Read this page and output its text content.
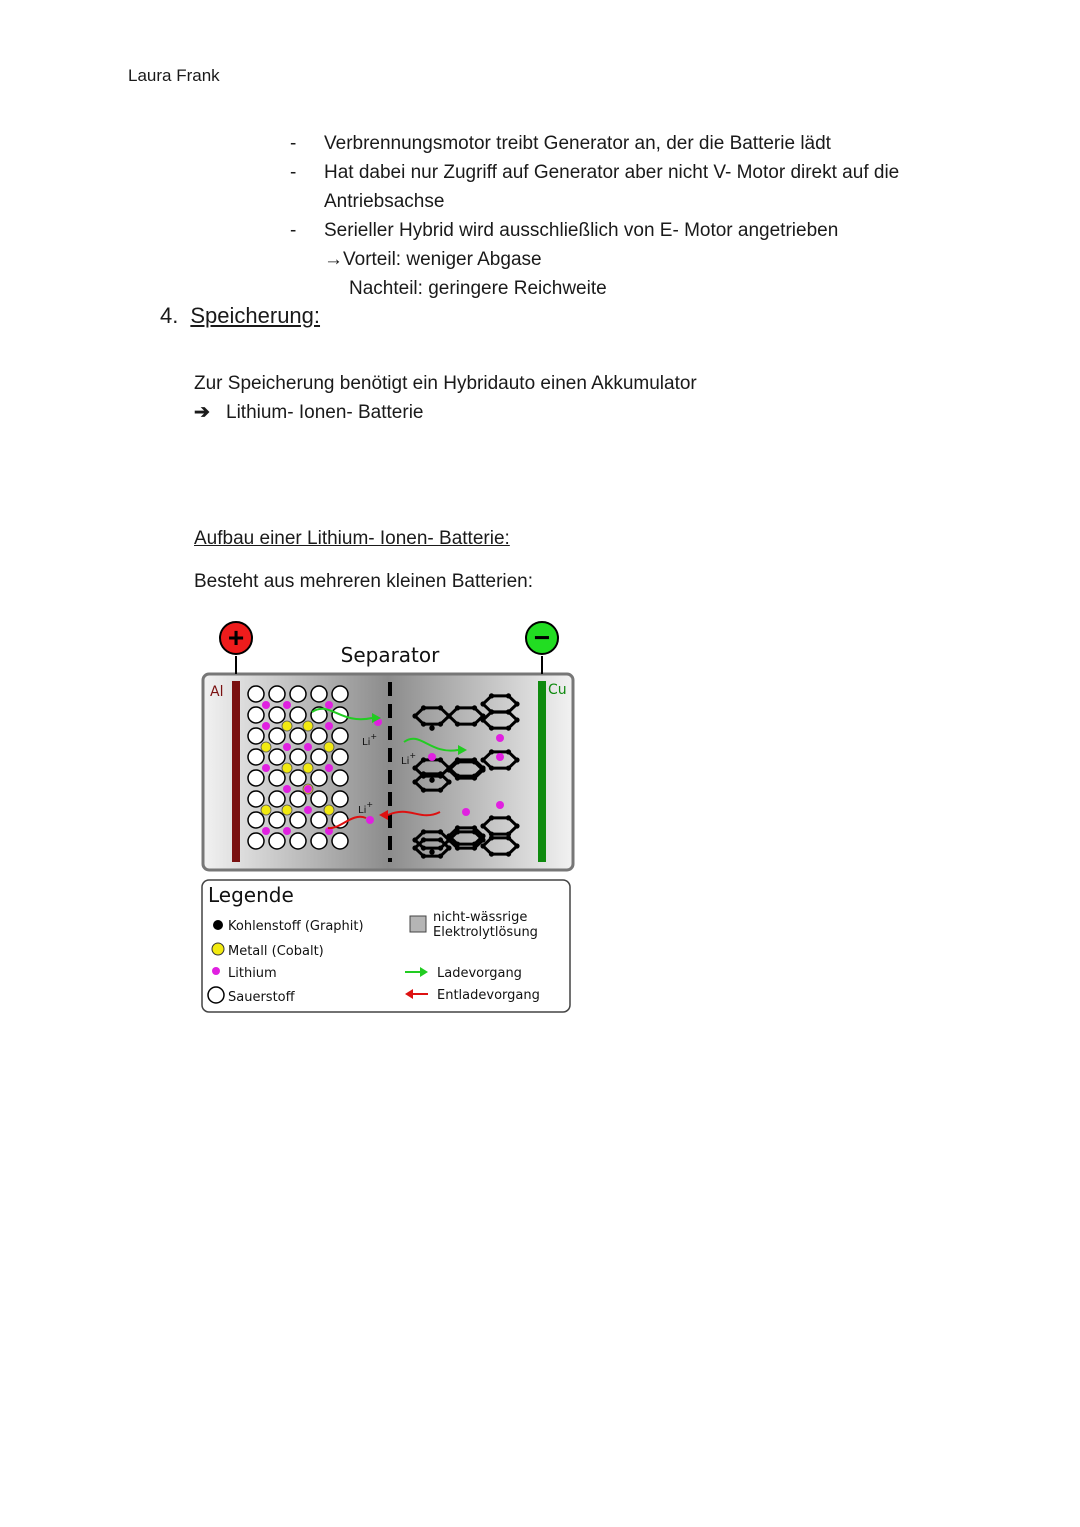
Laura Frank
-	Verbrennungsmotor treibt Generator an, der die Batterie lädt
-	Hat dabei nur Zugriff auf Generator aber nicht V- Motor direkt auf die Antriebsachse
-	Serieller Hybrid wird ausschließlich von E- Motor angetrieben
→Vorteil: weniger Abgase
Nachteil: geringere Reichweite
4. Speicherung:
Zur Speicherung benötigt ein Hybridauto einen Akkumulator
➔ Lithium- Ionen- Batterie
Aufbau einer Lithium- Ionen- Batterie:
Besteht aus mehreren kleinen Batterien:
+	−
Separator
Al	Cu
Li+
Li+
Li+
Legende
Kohlenstoff (Graphit)
Metall (Cobalt)
Lithium
Sauerstoff
nicht-wässrige
Elektrolytlösung
Ladevorgang
Entladevorgang
